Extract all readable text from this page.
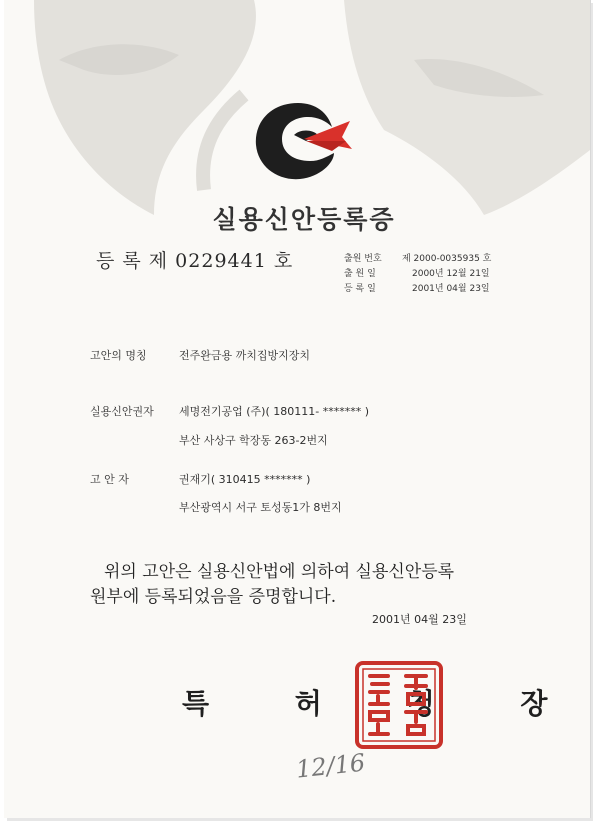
실용신안등록증
등 록 제 0229441 호	출원 번호 제 2000-0035935 호
출 원 일	2000년 12월 21일
등 록 일	2001년 04월 23일
고안의 명칭	전주완금용 까치집방지장치
실용신안권자 세명전기공업 (주)( 180111- ******* )
부산 사상구 학장동 263-2번지
고 안 자	권재기( 310415 ******* )
부산광역시 서구 토성동1가 8번지
위의 고안은 실용신안법에 의하여 실용신안등록
원부에 등록되었음을 증명합니다.
2001년 04월 23일
특 허 청 장
12/16
